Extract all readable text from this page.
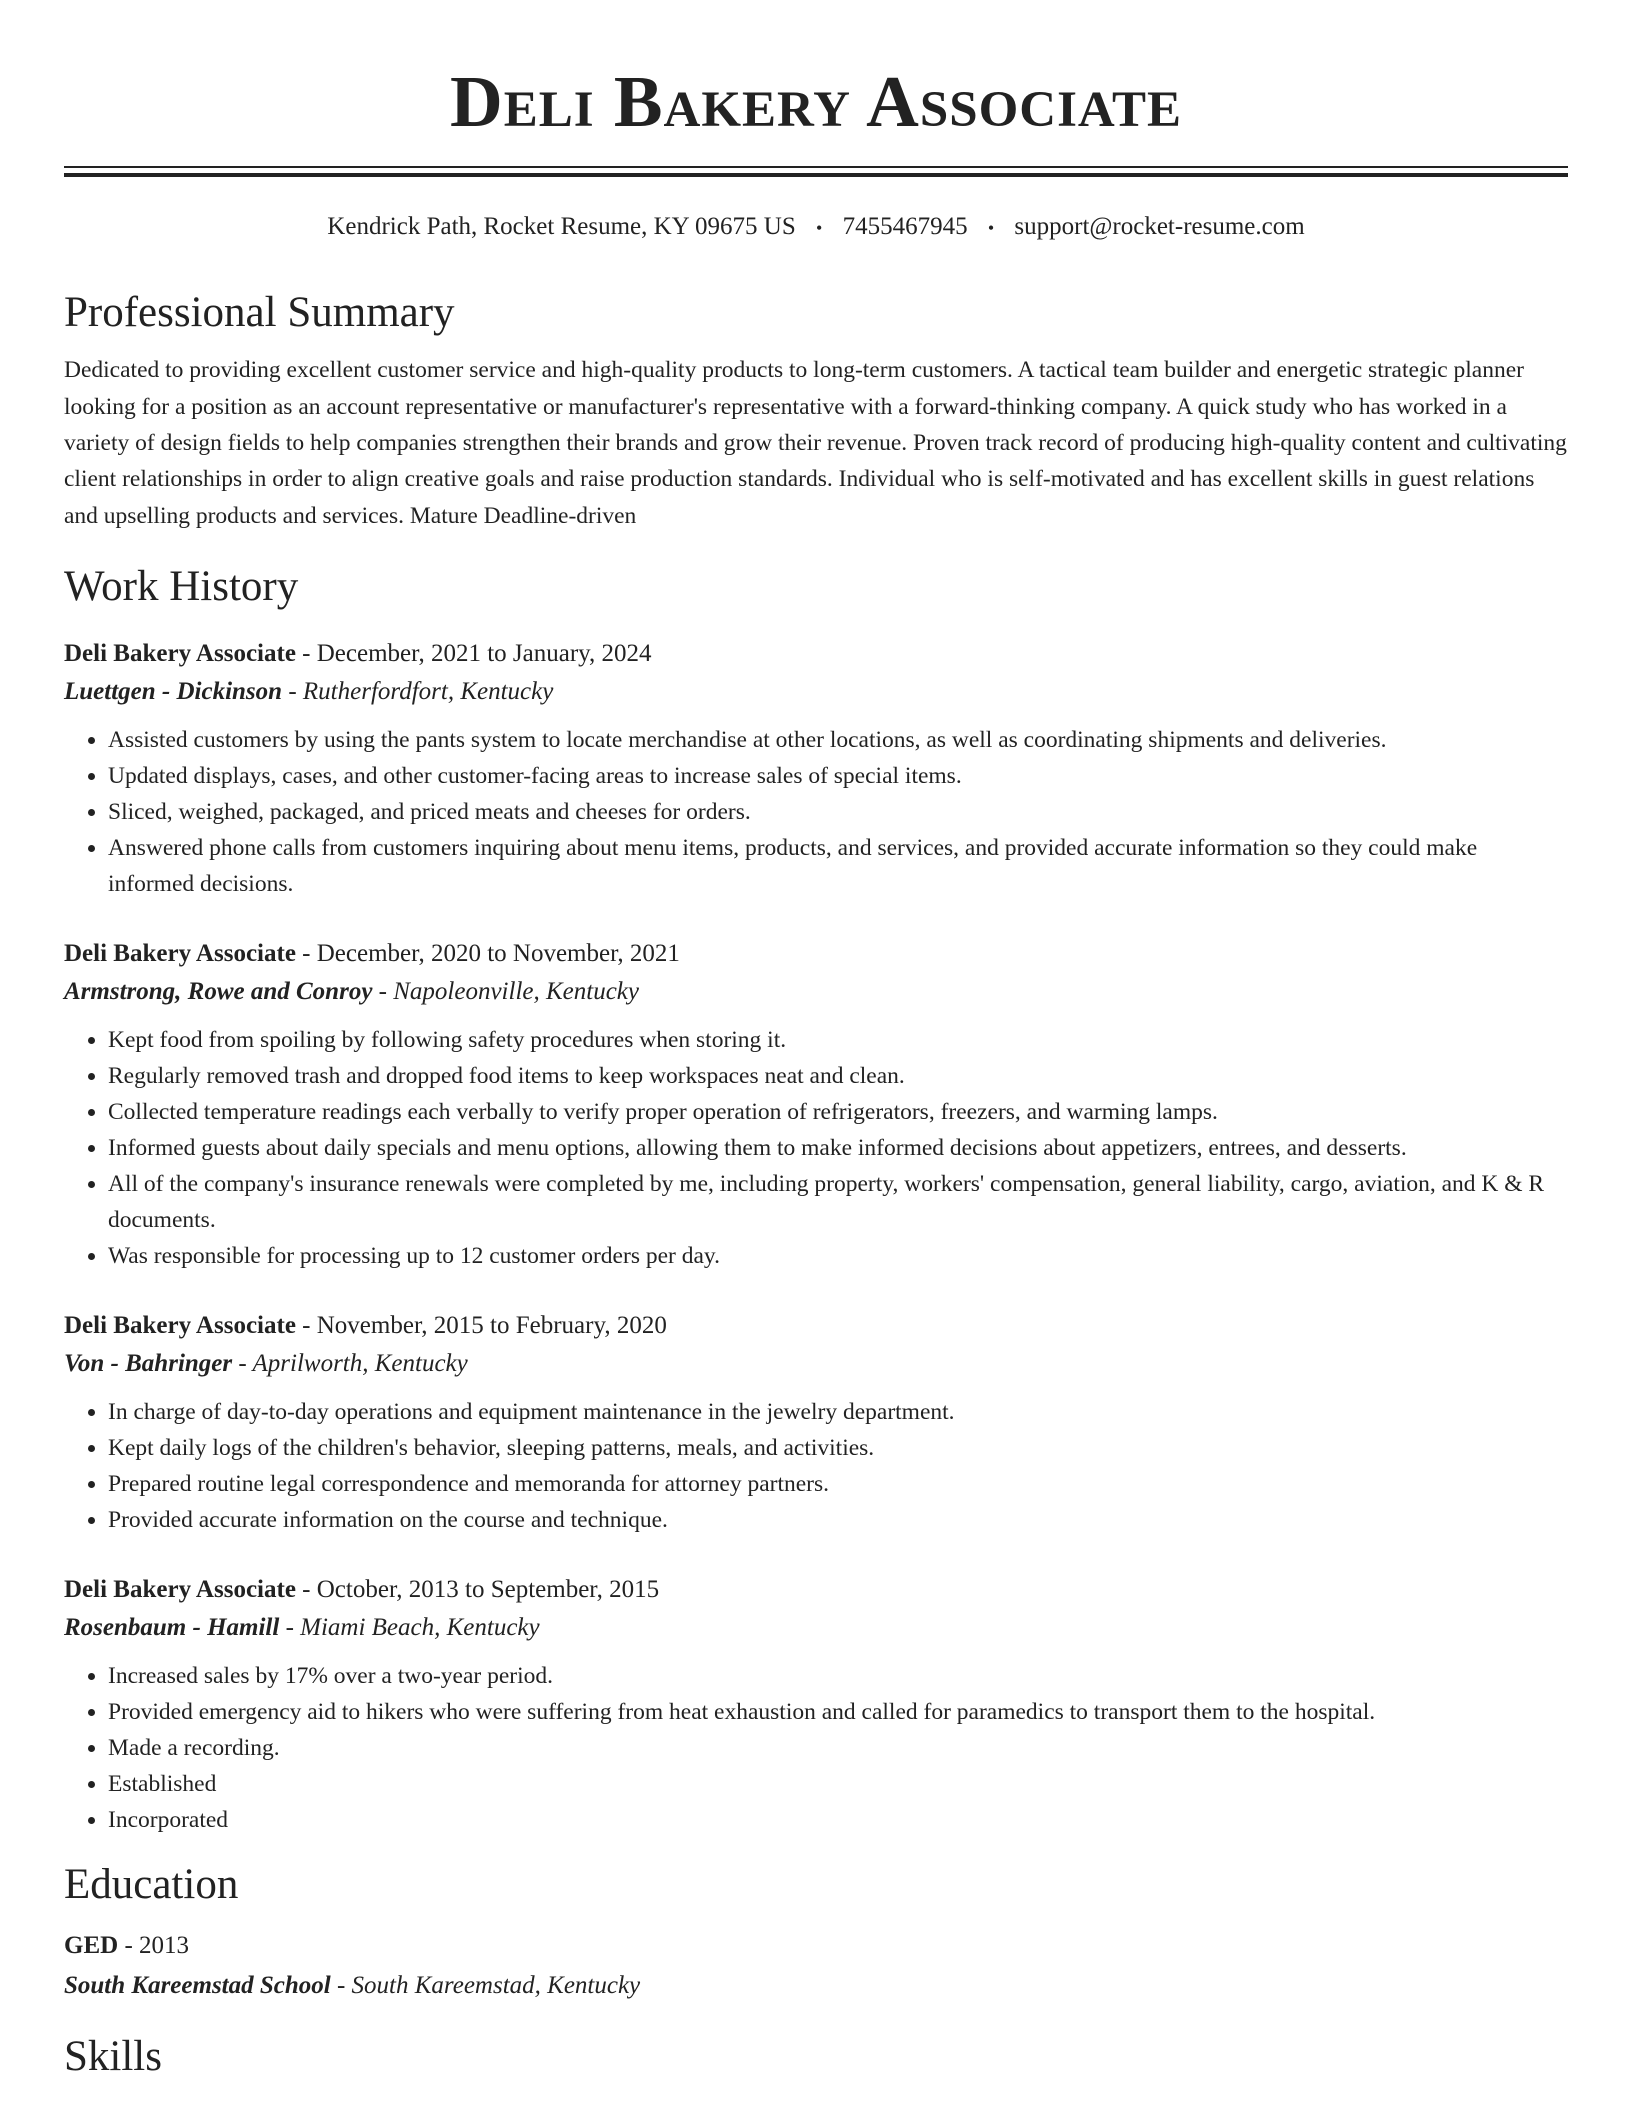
Deli Bakery Associate
Kendrick Path, Rocket Resume, KY 09675 US • 7455467945 • support@rocket-resume.com
Professional Summary
Dedicated to providing excellent customer service and high-quality products to long-term customers. A tactical team builder and energetic strategic planner looking for a position as an account representative or manufacturer's representative with a forward-thinking company. A quick study who has worked in a variety of design fields to help companies strengthen their brands and grow their revenue. Proven track record of producing high-quality content and cultivating client relationships in order to align creative goals and raise production standards. Individual who is self-motivated and has excellent skills in guest relations and upselling products and services. Mature Deadline-driven
Work History
Deli Bakery Associate - December, 2021 to January, 2024
Luettgen - Dickinson - Rutherfordfort, Kentucky
• Assisted customers by using the pants system to locate merchandise at other locations, as well as coordinating shipments and deliveries.
• Updated displays, cases, and other customer-facing areas to increase sales of special items.
• Sliced, weighed, packaged, and priced meats and cheeses for orders.
• Answered phone calls from customers inquiring about menu items, products, and services, and provided accurate information so they could make informed decisions.
Deli Bakery Associate - December, 2020 to November, 2021
Armstrong, Rowe and Conroy - Napoleonville, Kentucky
• Kept food from spoiling by following safety procedures when storing it.
• Regularly removed trash and dropped food items to keep workspaces neat and clean.
• Collected temperature readings each verbally to verify proper operation of refrigerators, freezers, and warming lamps.
• Informed guests about daily specials and menu options, allowing them to make informed decisions about appetizers, entrees, and desserts.
• All of the company's insurance renewals were completed by me, including property, workers' compensation, general liability, cargo, aviation, and K & R documents.
• Was responsible for processing up to 12 customer orders per day.
Deli Bakery Associate - November, 2015 to February, 2020
Von - Bahringer - Aprilworth, Kentucky
• In charge of day-to-day operations and equipment maintenance in the jewelry department.
• Kept daily logs of the children's behavior, sleeping patterns, meals, and activities.
• Prepared routine legal correspondence and memoranda for attorney partners.
• Provided accurate information on the course and technique.
Deli Bakery Associate - October, 2013 to September, 2015
Rosenbaum - Hamill - Miami Beach, Kentucky
• Increased sales by 17% over a two-year period.
• Provided emergency aid to hikers who were suffering from heat exhaustion and called for paramedics to transport them to the hospital.
• Made a recording.
• Established
• Incorporated
Education
GED - 2013
South Kareemstad School - South Kareemstad, Kentucky
Skills
